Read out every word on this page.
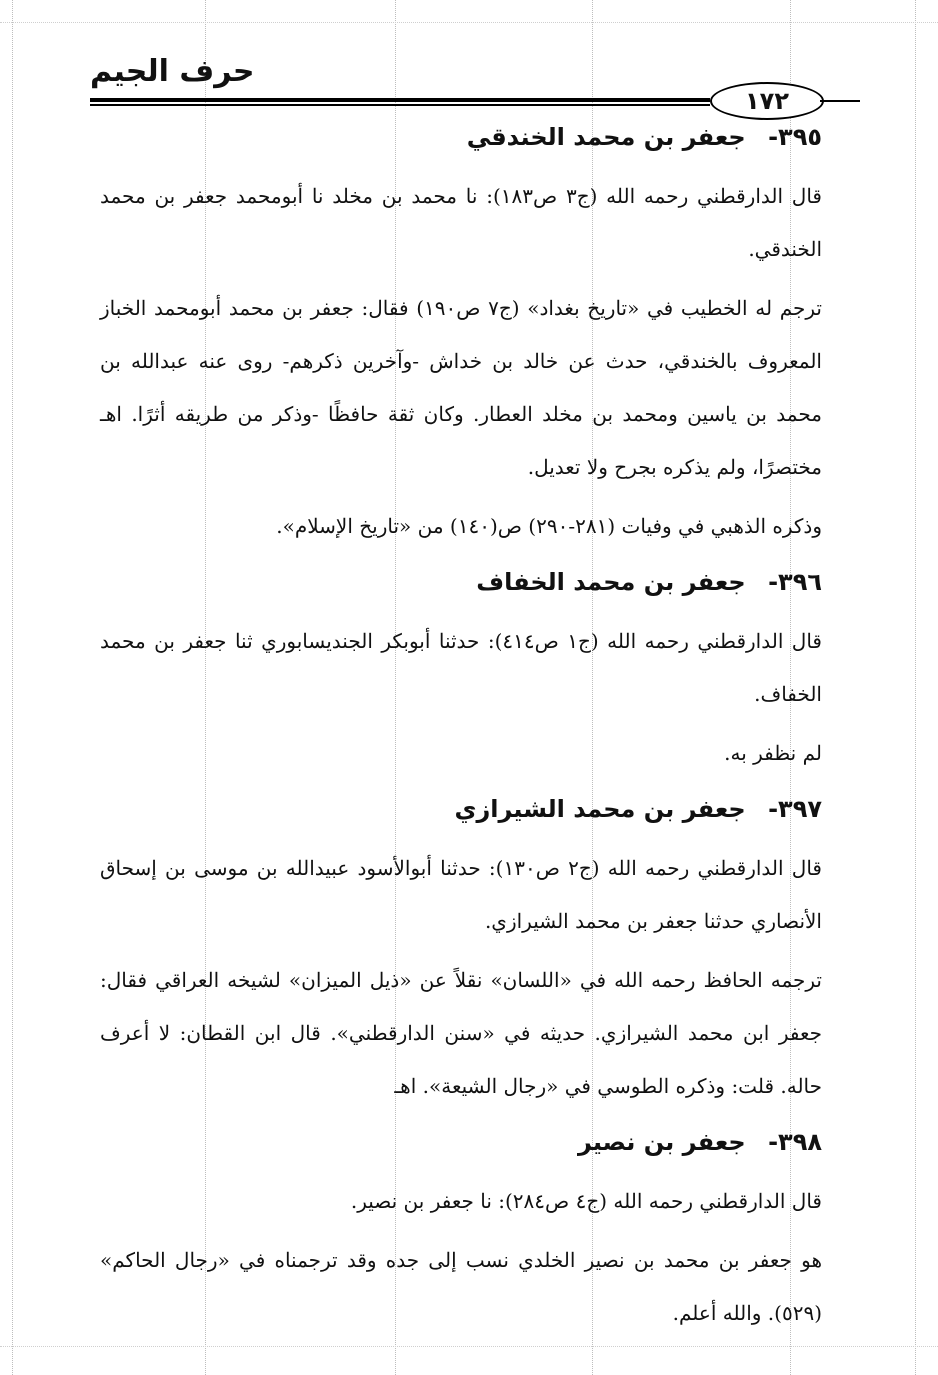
حرف الجيم
١٧٢
٣٩٥- جعفر بن محمد الخندقي

قال الدارقطني رحمه الله (ج٣ ص١٨٣): نا محمد بن مخلد نا أبومحمد جعفر بن محمد الخندقي.

ترجم له الخطيب في «تاريخ بغداد» (ج٧ ص١٩٠) فقال: جعفر بن محمد أبومحمد الخباز المعروف بالخندقي، حدث عن خالد بن خداش -وآخرين ذكرهم- روى عنه عبدالله بن محمد بن ياسين ومحمد بن مخلد العطار. وكان ثقة حافظًا -وذكر من طريقه أثرًا. اهـ مختصرًا، ولم يذكره بجرح ولا تعديل.

وذكره الذهبي في وفيات (٢٨١-٢٩٠) ص(١٤٠) من «تاريخ الإسلام».

٣٩٦- جعفر بن محمد الخفاف

قال الدارقطني رحمه الله (ج١ ص٤١٤): حدثنا أبوبكر الجنديسابوري ثنا جعفر بن محمد الخفاف.

لم نظفر به.

٣٩٧- جعفر بن محمد الشيرازي

قال الدارقطني رحمه الله (ج٢ ص١٣٠): حدثنا أبوالأسود عبيدالله بن موسى بن إسحاق الأنصاري حدثنا جعفر بن محمد الشيرازي.

ترجمه الحافظ رحمه الله في «اللسان» نقلاً عن «ذيل الميزان» لشيخه العراقي فقال: جعفر ابن محمد الشيرازي. حديثه في «سنن الدارقطني». قال ابن القطان: لا أعرف حاله. قلت: وذكره الطوسي في «رجال الشيعة». اهـ

٣٩٨- جعفر بن نصير

قال الدارقطني رحمه الله (ج٤ ص٢٨٤): نا جعفر بن نصير.

هو جعفر بن محمد بن نصير الخلدي نسب إلى جده وقد ترجمناه في «رجال الحاكم» (٥٢٩). والله أعلم.
